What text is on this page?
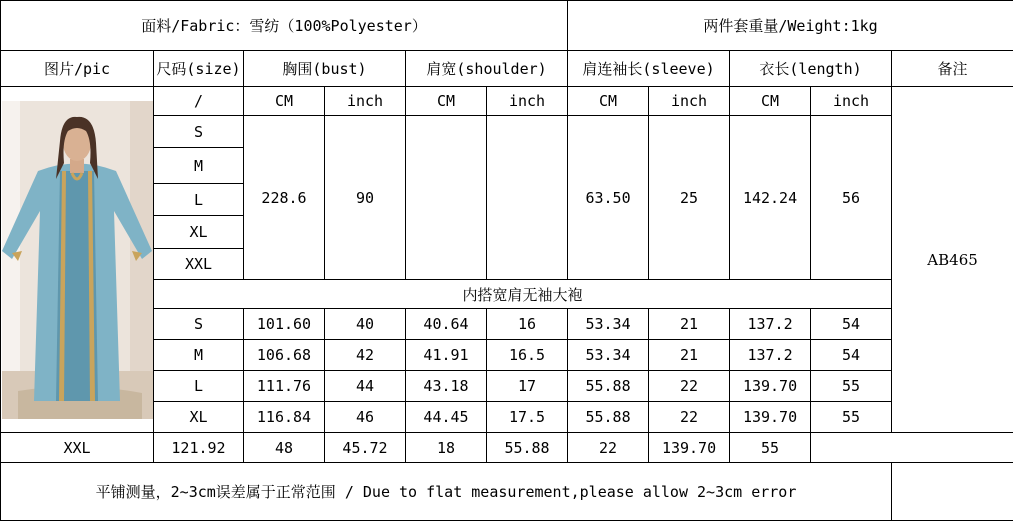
面料/Fabric：雪纺（100%Polyester）						两件套重量/Weight:1kg				
图片/pic	尺码(size)	胸围(bust)		肩宽(shoulder)		肩连袖长(sleeve)		衣长(length)		备注

	/	CM	inch	CM	inch	CM	inch	CM	inch	AB465
	S	228.6	90			63.50	25	142.24	56	
	M									
	L									
	XL									
	XXL									
	内搭宽肩无袖大袍									
	S	101.60	40	40.64	16	53.34	21	137.2	54	
	M	106.68	42	41.91	16.5	53.34	21	137.2	54	
	L	111.76	44	43.18	17	55.88	22	139.70	55	
	XL	116.84	46	44.45	17.5	55.88	22	139.70	55	
XXL	121.92	48	45.72	18	55.88	22	139.70	55		
平铺测量，2~3cm误差属于正常范围 / Due to flat measurement,please allow 2~3cm error										
